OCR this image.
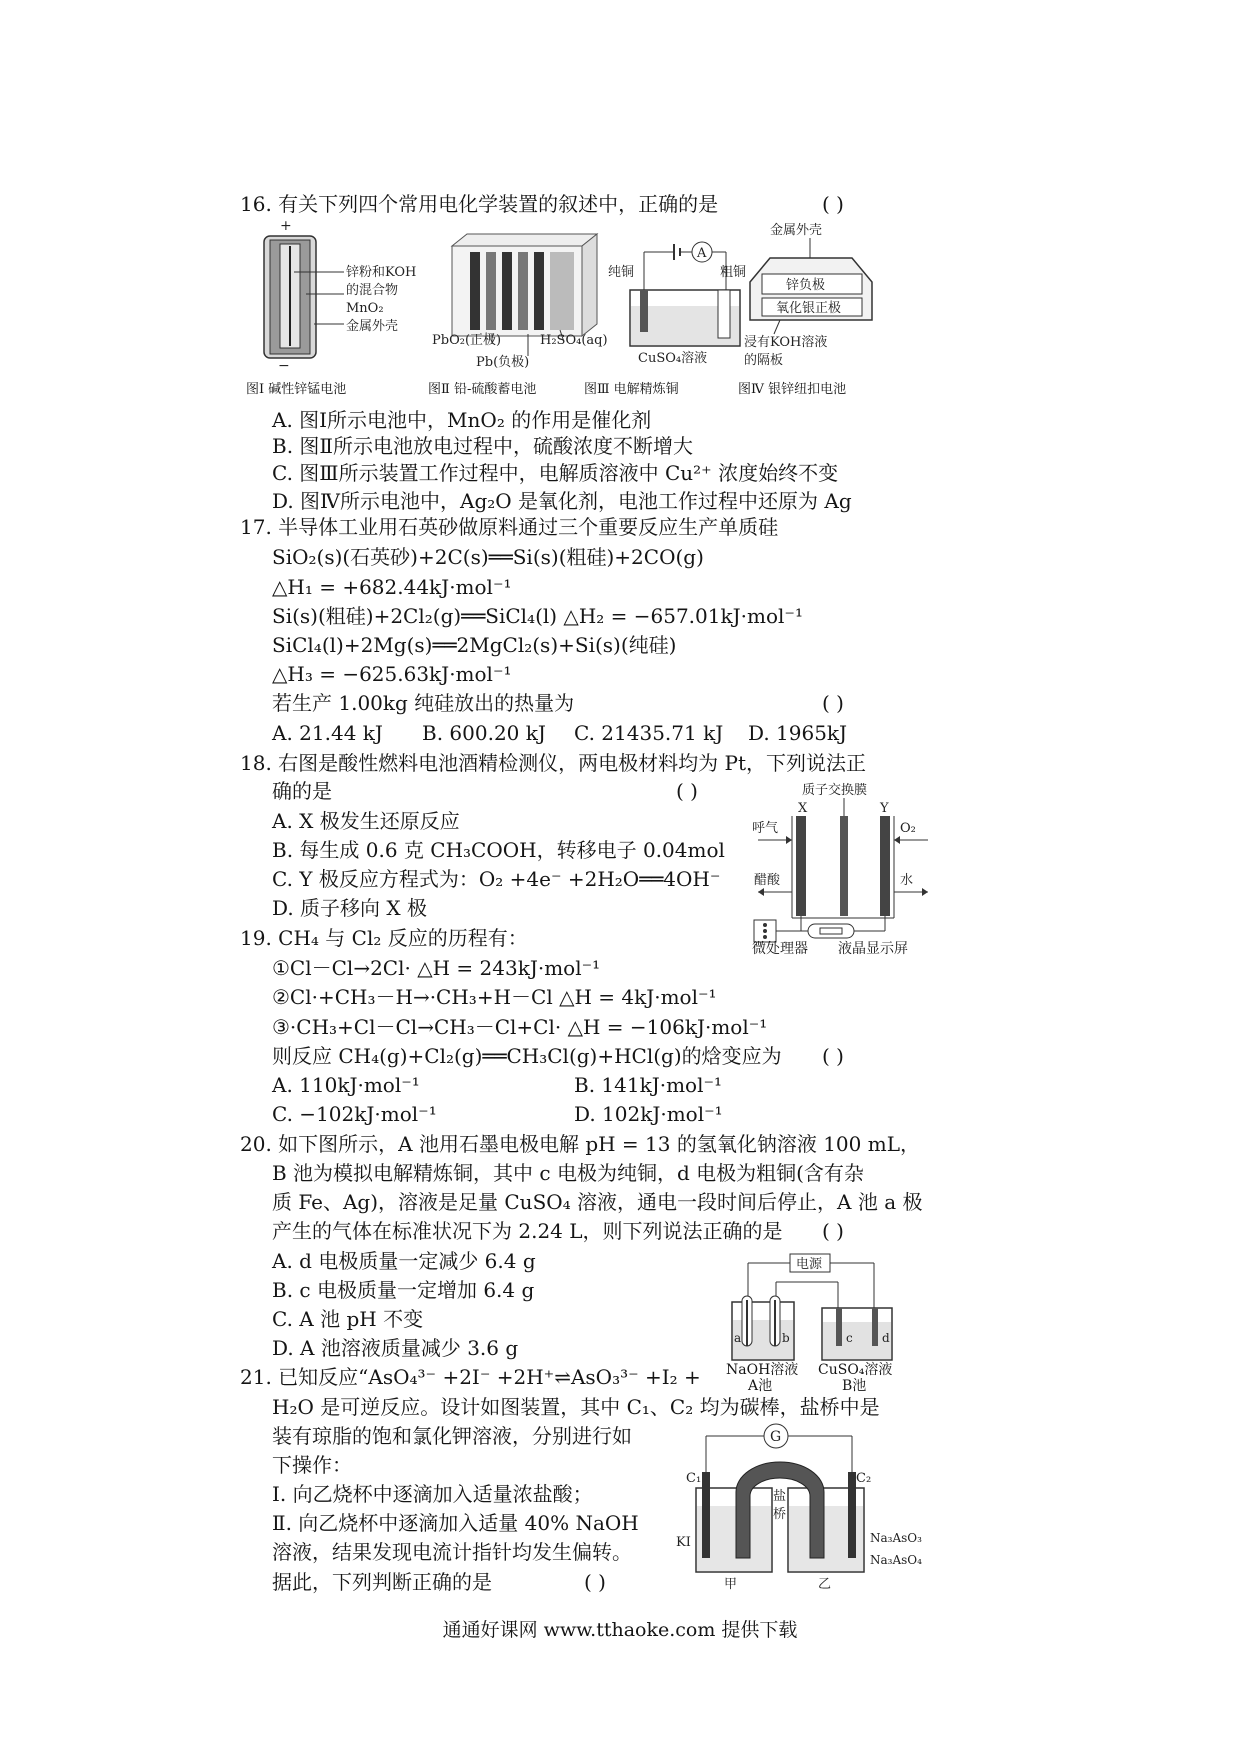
16. 有关下列四个常用电化学装置的叙述中，正确的是	( )
+
−
锌粉和KOH
的混合物
MnO₂
金属外壳
PbO₂(正极)	H₂SO₄(aq)
Pb(负极)
A
纯铜	粗铜
CuSO₄溶液
金属外壳
锌负极
氧化银正极
浸有KOH溶液
的隔板
图Ⅰ 碱性锌锰电池	图Ⅱ 铅-硫酸蓄电池	图Ⅲ 电解精炼铜	图Ⅳ 银锌纽扣电池
A. 图Ⅰ所示电池中，MnO₂ 的作用是催化剂
B. 图Ⅱ所示电池放电过程中，硫酸浓度不断增大
C. 图Ⅲ所示装置工作过程中，电解质溶液中 Cu²⁺ 浓度始终不变
D. 图Ⅳ所示电池中，Ag₂O 是氧化剂，电池工作过程中还原为 Ag
17. 半导体工业用石英砂做原料通过三个重要反应生产单质硅
SiO₂(s)(石英砂)+2C(s)══Si(s)(粗硅)+2CO(g)
△H₁ = +682.44kJ·mol⁻¹
Si(s)(粗硅)+2Cl₂(g)══SiCl₄(l) △H₂ = −657.01kJ·mol⁻¹
SiCl₄(l)+2Mg(s)══2MgCl₂(s)+Si(s)(纯硅)
△H₃ = −625.63kJ·mol⁻¹
若生产 1.00kg 纯硅放出的热量为	( )
A. 21.44 kJ B. 600.20 kJ C. 21435.71 kJ D. 1965kJ
18. 右图是酸性燃料电池酒精检测仪，两电极材料均为 Pt，下列说法正
确的是	( )
A. X 极发生还原反应
B. 每生成 0.6 克 CH₃COOH，转移电子 0.04mol
C. Y 极反应方程式为：O₂ +4e⁻ +2H₂O══4OH⁻
D. 质子移向 X 极
质子交换膜
X	Y
呼气	O₂
醋酸	水
微处理器 液晶显示屏
19. CH₄ 与 Cl₂ 反应的历程有：
①Cl－Cl→2Cl· △H = 243kJ·mol⁻¹
②Cl·+CH₃－H→·CH₃+H－Cl △H = 4kJ·mol⁻¹
③·CH₃+Cl－Cl→CH₃－Cl+Cl· △H = −106kJ·mol⁻¹
则反应 CH₄(g)+Cl₂(g)══CH₃Cl(g)+HCl(g)的焓变应为 ( )
A. 110kJ·mol⁻¹	B. 141kJ·mol⁻¹
C. −102kJ·mol⁻¹	D. 102kJ·mol⁻¹
20. 如下图所示，A 池用石墨电极电解 pH = 13 的氢氧化钠溶液 100 mL，
B 池为模拟电解精炼铜，其中 c 电极为纯铜，d 电极为粗铜(含有杂
质 Fe、Ag)，溶液是足量 CuSO₄ 溶液，通电一段时间后停止，A 池 a 极
产生的气体在标准状况下为 2.24 L，则下列说法正确的是 ( )
A. d 电极质量一定减少 6.4 g
B. c 电极质量一定增加 6.4 g
C. A 池 pH 不变
D. A 池溶液质量减少 3.6 g
电源
a	b	c d
NaOH溶液
A池
CuSO₄溶液
B池
21. 已知反应“AsO₄³⁻ +2I⁻ +2H⁺⇌AsO₃³⁻ +I₂ +
H₂O 是可逆反应。设计如图装置，其中 C₁、C₂ 均为碳棒，盐桥中是
装有琼脂的饱和氯化钾溶液，分别进行如
下操作：
Ⅰ. 向乙烧杯中逐滴加入适量浓盐酸；
Ⅱ. 向乙烧杯中逐滴加入适量 40% NaOH
溶液，结果发现电流计指针均发生偏转。
据此，下列判断正确的是	( )
G
C₁	C₂
盐
桥
KI
甲	乙
Na₃AsO₃
Na₃AsO₄
通通好课网 www.tthaoke.com 提供下载
